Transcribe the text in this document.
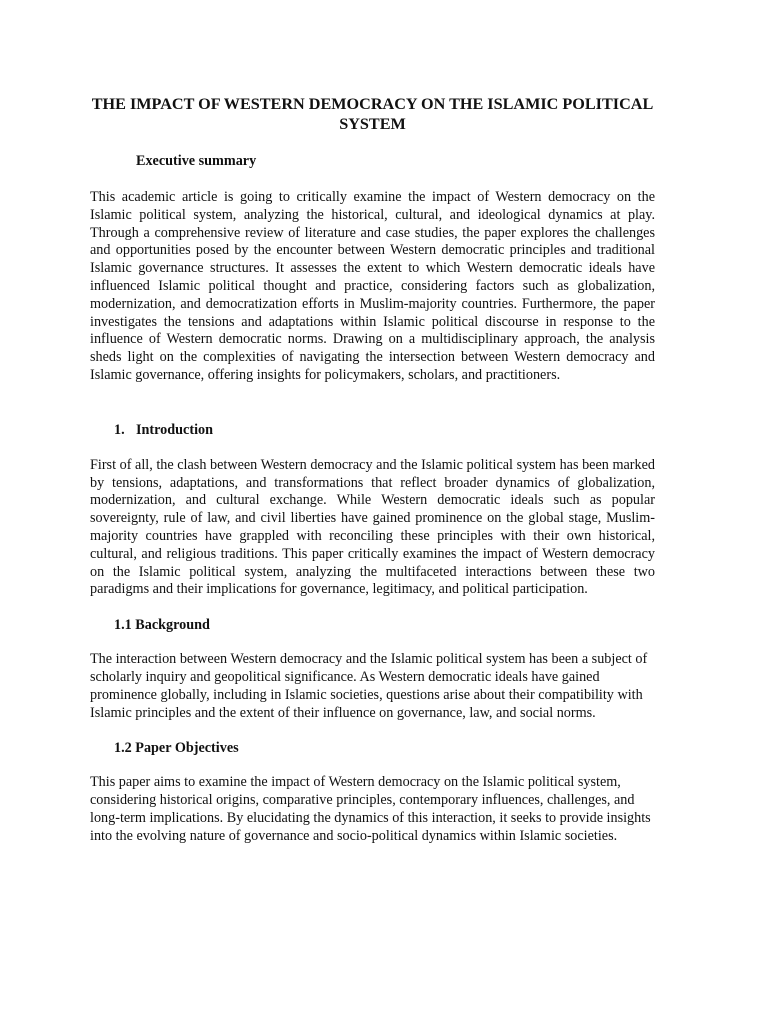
THE IMPACT OF WESTERN DEMOCRACY ON THE ISLAMIC POLITICAL SYSTEM
Executive summary

This academic article is going to critically examine the impact of Western democracy on the Islamic political system, analyzing the historical, cultural, and ideological dynamics at play. Through a comprehensive review of literature and case studies, the paper explores the challenges and opportunities posed by the encounter between Western democratic principles and traditional Islamic governance structures. It assesses the extent to which Western democratic ideals have influenced Islamic political thought and practice, considering factors such as globalization, modernization, and democratization efforts in Muslim-majority countries. Furthermore, the paper investigates the tensions and adaptations within Islamic political discourse in response to the influence of Western democratic norms. Drawing on a multidisciplinary approach, the analysis sheds light on the complexities of navigating the intersection between Western democracy and Islamic governance, offering insights for policymakers, scholars, and practitioners.

1. Introduction

First of all, the clash between Western democracy and the Islamic political system has been marked by tensions, adaptations, and transformations that reflect broader dynamics of globalization, modernization, and cultural exchange. While Western democratic ideals such as popular sovereignty, rule of law, and civil liberties have gained prominence on the global stage, Muslim-majority countries have grappled with reconciling these principles with their own historical, cultural, and religious traditions. This paper critically examines the impact of Western democracy on the Islamic political system, analyzing the multifaceted interactions between these two paradigms and their implications for governance, legitimacy, and political participation.

1.1 Background

The interaction between Western democracy and the Islamic political system has been a subject of scholarly inquiry and geopolitical significance. As Western democratic ideals have gained prominence globally, including in Islamic societies, questions arise about their compatibility with Islamic principles and the extent of their influence on governance, law, and social norms.

1.2 Paper Objectives

This paper aims to examine the impact of Western democracy on the Islamic political system, considering historical origins, comparative principles, contemporary influences, challenges, and long-term implications. By elucidating the dynamics of this interaction, it seeks to provide insights into the evolving nature of governance and socio-political dynamics within Islamic societies.
